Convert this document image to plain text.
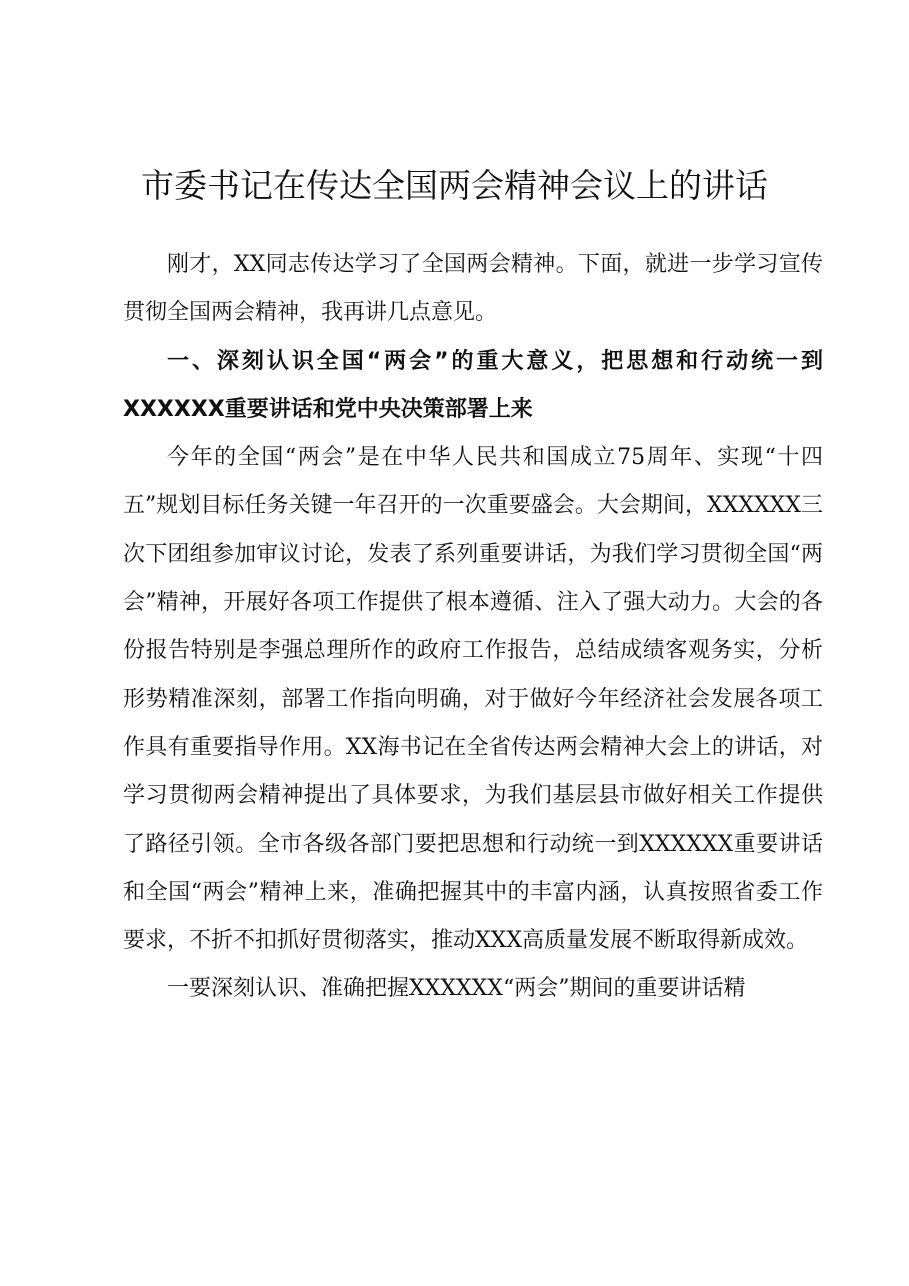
市委书记在传达全国两会精神会议上的讲话

刚才，XX同志传达学习了全国两会精神。下面，就进一步学习宣传贯彻全国两会精神，我再讲几点意见。

一、深刻认识全国“两会”的重大意义，把思想和行动统一到XXXXXX重要讲话和党中央决策部署上来

今年的全国“两会”是在中华人民共和国成立75周年、实现“十四五”规划目标任务关键一年召开的一次重要盛会。大会期间，XXXXXX三次下团组参加审议讨论，发表了系列重要讲话，为我们学习贯彻全国“两会”精神，开展好各项工作提供了根本遵循、注入了强大动力。大会的各份报告特别是李强总理所作的政府工作报告，总结成绩客观务实，分析形势精准深刻，部署工作指向明确，对于做好今年经济社会发展各项工作具有重要指导作用。XX海书记在全省传达两会精神大会上的讲话，对学习贯彻两会精神提出了具体要求，为我们基层县市做好相关工作提供了路径引领。全市各级各部门要把思想和行动统一到XXXXXX重要讲话和全国“两会”精神上来，准确把握其中的丰富内涵，认真按照省委工作要求，不折不扣抓好贯彻落实，推动XXX高质量发展不断取得新成效。

一要深刻认识、准确把握XXXXXX“两会”期间的重要讲话精
